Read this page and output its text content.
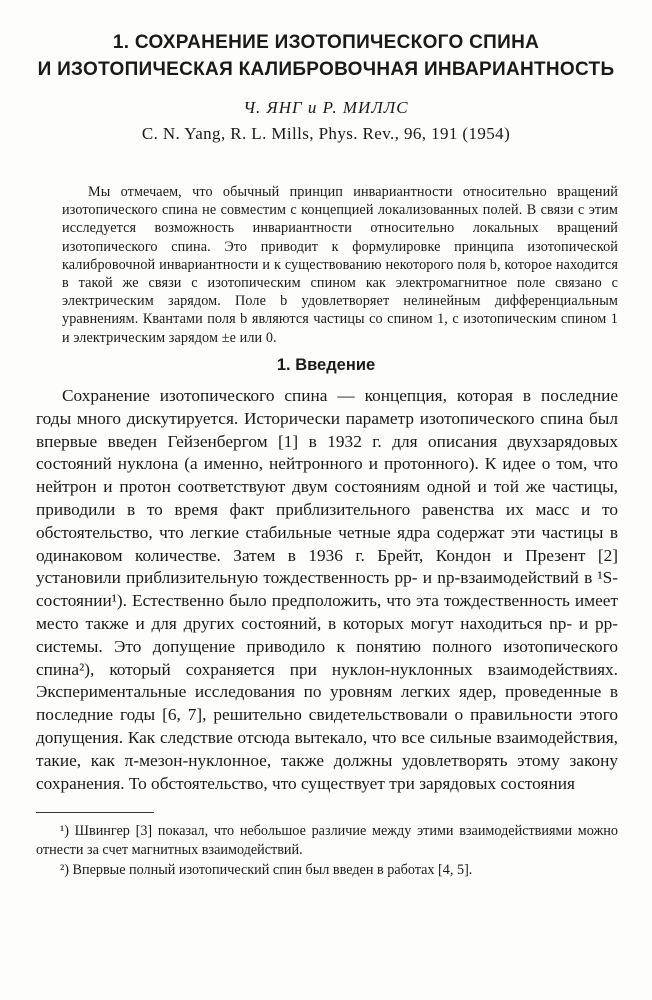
1. СОХРАНЕНИЕ ИЗОТОПИЧЕСКОГО СПИНА
И ИЗОТОПИЧЕСКАЯ КАЛИБРОВОЧНАЯ ИНВАРИАНТНОСТЬ
Ч. ЯНГ и Р. МИЛЛС
C. N. Yang, R. L. Mills, Phys. Rev., 96, 191 (1954)

Мы отмечаем, что обычный принцип инвариантности относительно вращений изотопического спина не совместим с концепцией локализованных полей. В связи с этим исследуется возможность инвариантности относительно локальных вращений изотопического спина. Это приводит к формулировке принципа изотопической калибровочной инвариантности и к существованию некоторого поля b, которое находится в такой же связи с изотопическим спином как электромагнитное поле связано с электрическим зарядом. Поле b удовлетворяет нелинейным дифференциальным уравнениям. Квантами поля b являются частицы со спином 1, с изотопическим спином 1 и электрическим зарядом ±e или 0.

1. Введение

Сохранение изотопического спина — концепция, которая в последние годы много дискутируется. Исторически параметр изотопического спина был впервые введен Гейзенбергом [1] в 1932 г. для описания двухзарядовых состояний нуклона (а именно, нейтронного и протонного). К идее о том, что нейтрон и протон соответствуют двум состояниям одной и той же частицы, приводили в то время факт приблизительного равенства их масс и то обстоятельство, что легкие стабильные четные ядра содержат эти частицы в одинаковом количестве. Затем в 1936 г. Брейт, Кондон и Презент [2] установили приблизительную тождественность pp- и np-взаимодействий в ¹S-состоянии¹). Естественно было предположить, что эта тождественность имеет место также и для других состояний, в которых могут находиться np- и pp-системы. Это допущение приводило к понятию полного изотопического спина²), который сохраняется при нуклон-нуклонных взаимодействиях. Экспериментальные исследования по уровням легких ядер, проведенные в последние годы [6, 7], решительно свидетельствовали о правильности этого допущения. Как следствие отсюда вытекало, что все сильные взаимодействия, такие, как π-мезон-нуклонное, также должны удовлетворять этому закону сохранения. То обстоятельство, что существует три зарядовых состояния

¹) Швингер [3] показал, что небольшое различие между этими взаимодействиями можно отнести за счет магнитных взаимодействий.

²) Впервые полный изотопический спин был введен в работах [4, 5].
